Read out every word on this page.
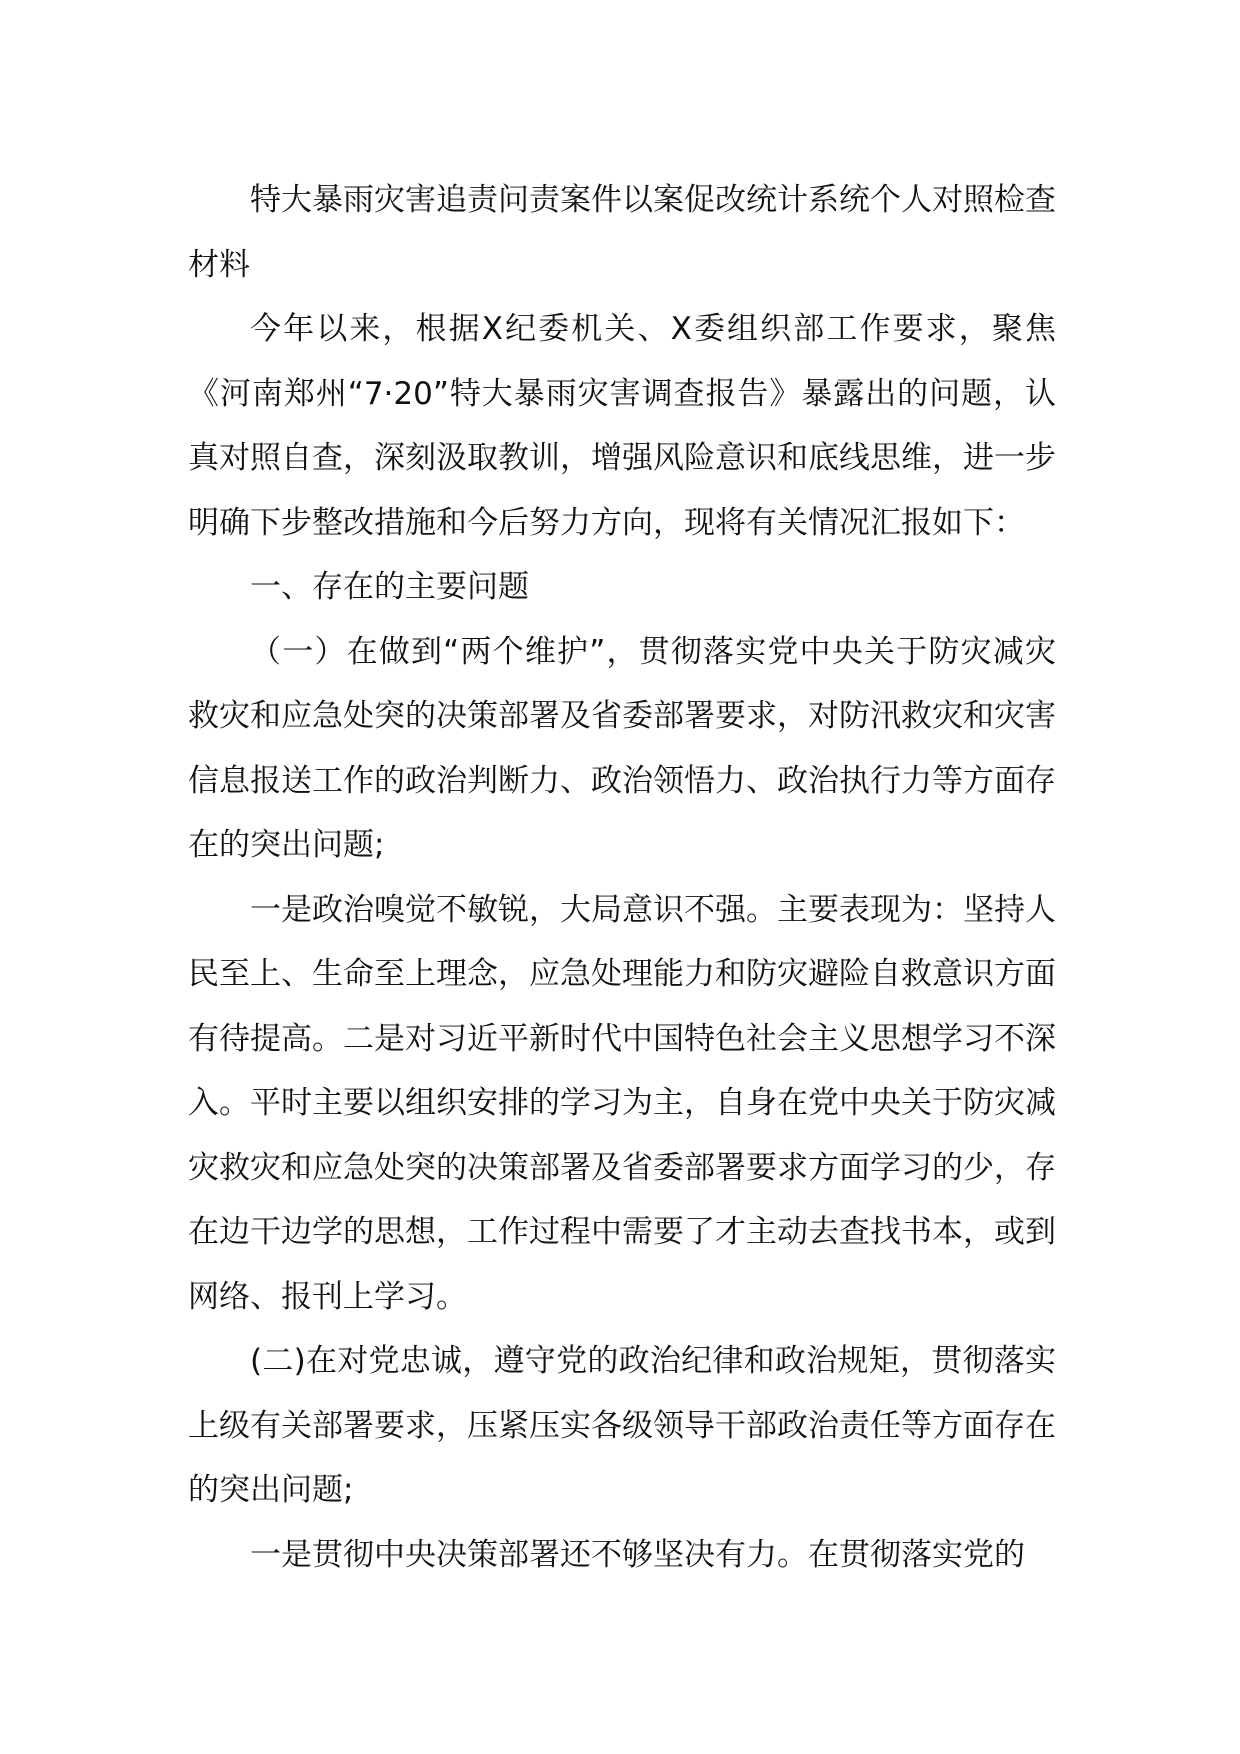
特大暴雨灾害追责问责案件以案促改统计系统个人对照检查材料

今年以来，根据X纪委机关、X委组织部工作要求，聚焦《河南郑州“7·20”特大暴雨灾害调查报告》暴露出的问题，认真对照自查，深刻汲取教训，增强风险意识和底线思维，进一步明确下步整改措施和今后努力方向，现将有关情况汇报如下：

一、存在的主要问题

（一）在做到“两个维护”，贯彻落实党中央关于防灾减灾救灾和应急处突的决策部署及省委部署要求，对防汛救灾和灾害信息报送工作的政治判断力、政治领悟力、政治执行力等方面存在的突出问题;

一是政治嗅觉不敏锐，大局意识不强。主要表现为：坚持人民至上、生命至上理念，应急处理能力和防灾避险自救意识方面有待提高。二是对习近平新时代中国特色社会主义思想学习不深入。平时主要以组织安排的学习为主，自身在党中央关于防灾减灾救灾和应急处突的决策部署及省委部署要求方面学习的少，存在边干边学的思想，工作过程中需要了才主动去查找书本，或到网络、报刊上学习。

(二)在对党忠诚，遵守党的政治纪律和政治规矩，贯彻落实上级有关部署要求，压紧压实各级领导干部政治责任等方面存在的突出问题;

一是贯彻中央决策部署还不够坚决有力。在贯彻落实党的
